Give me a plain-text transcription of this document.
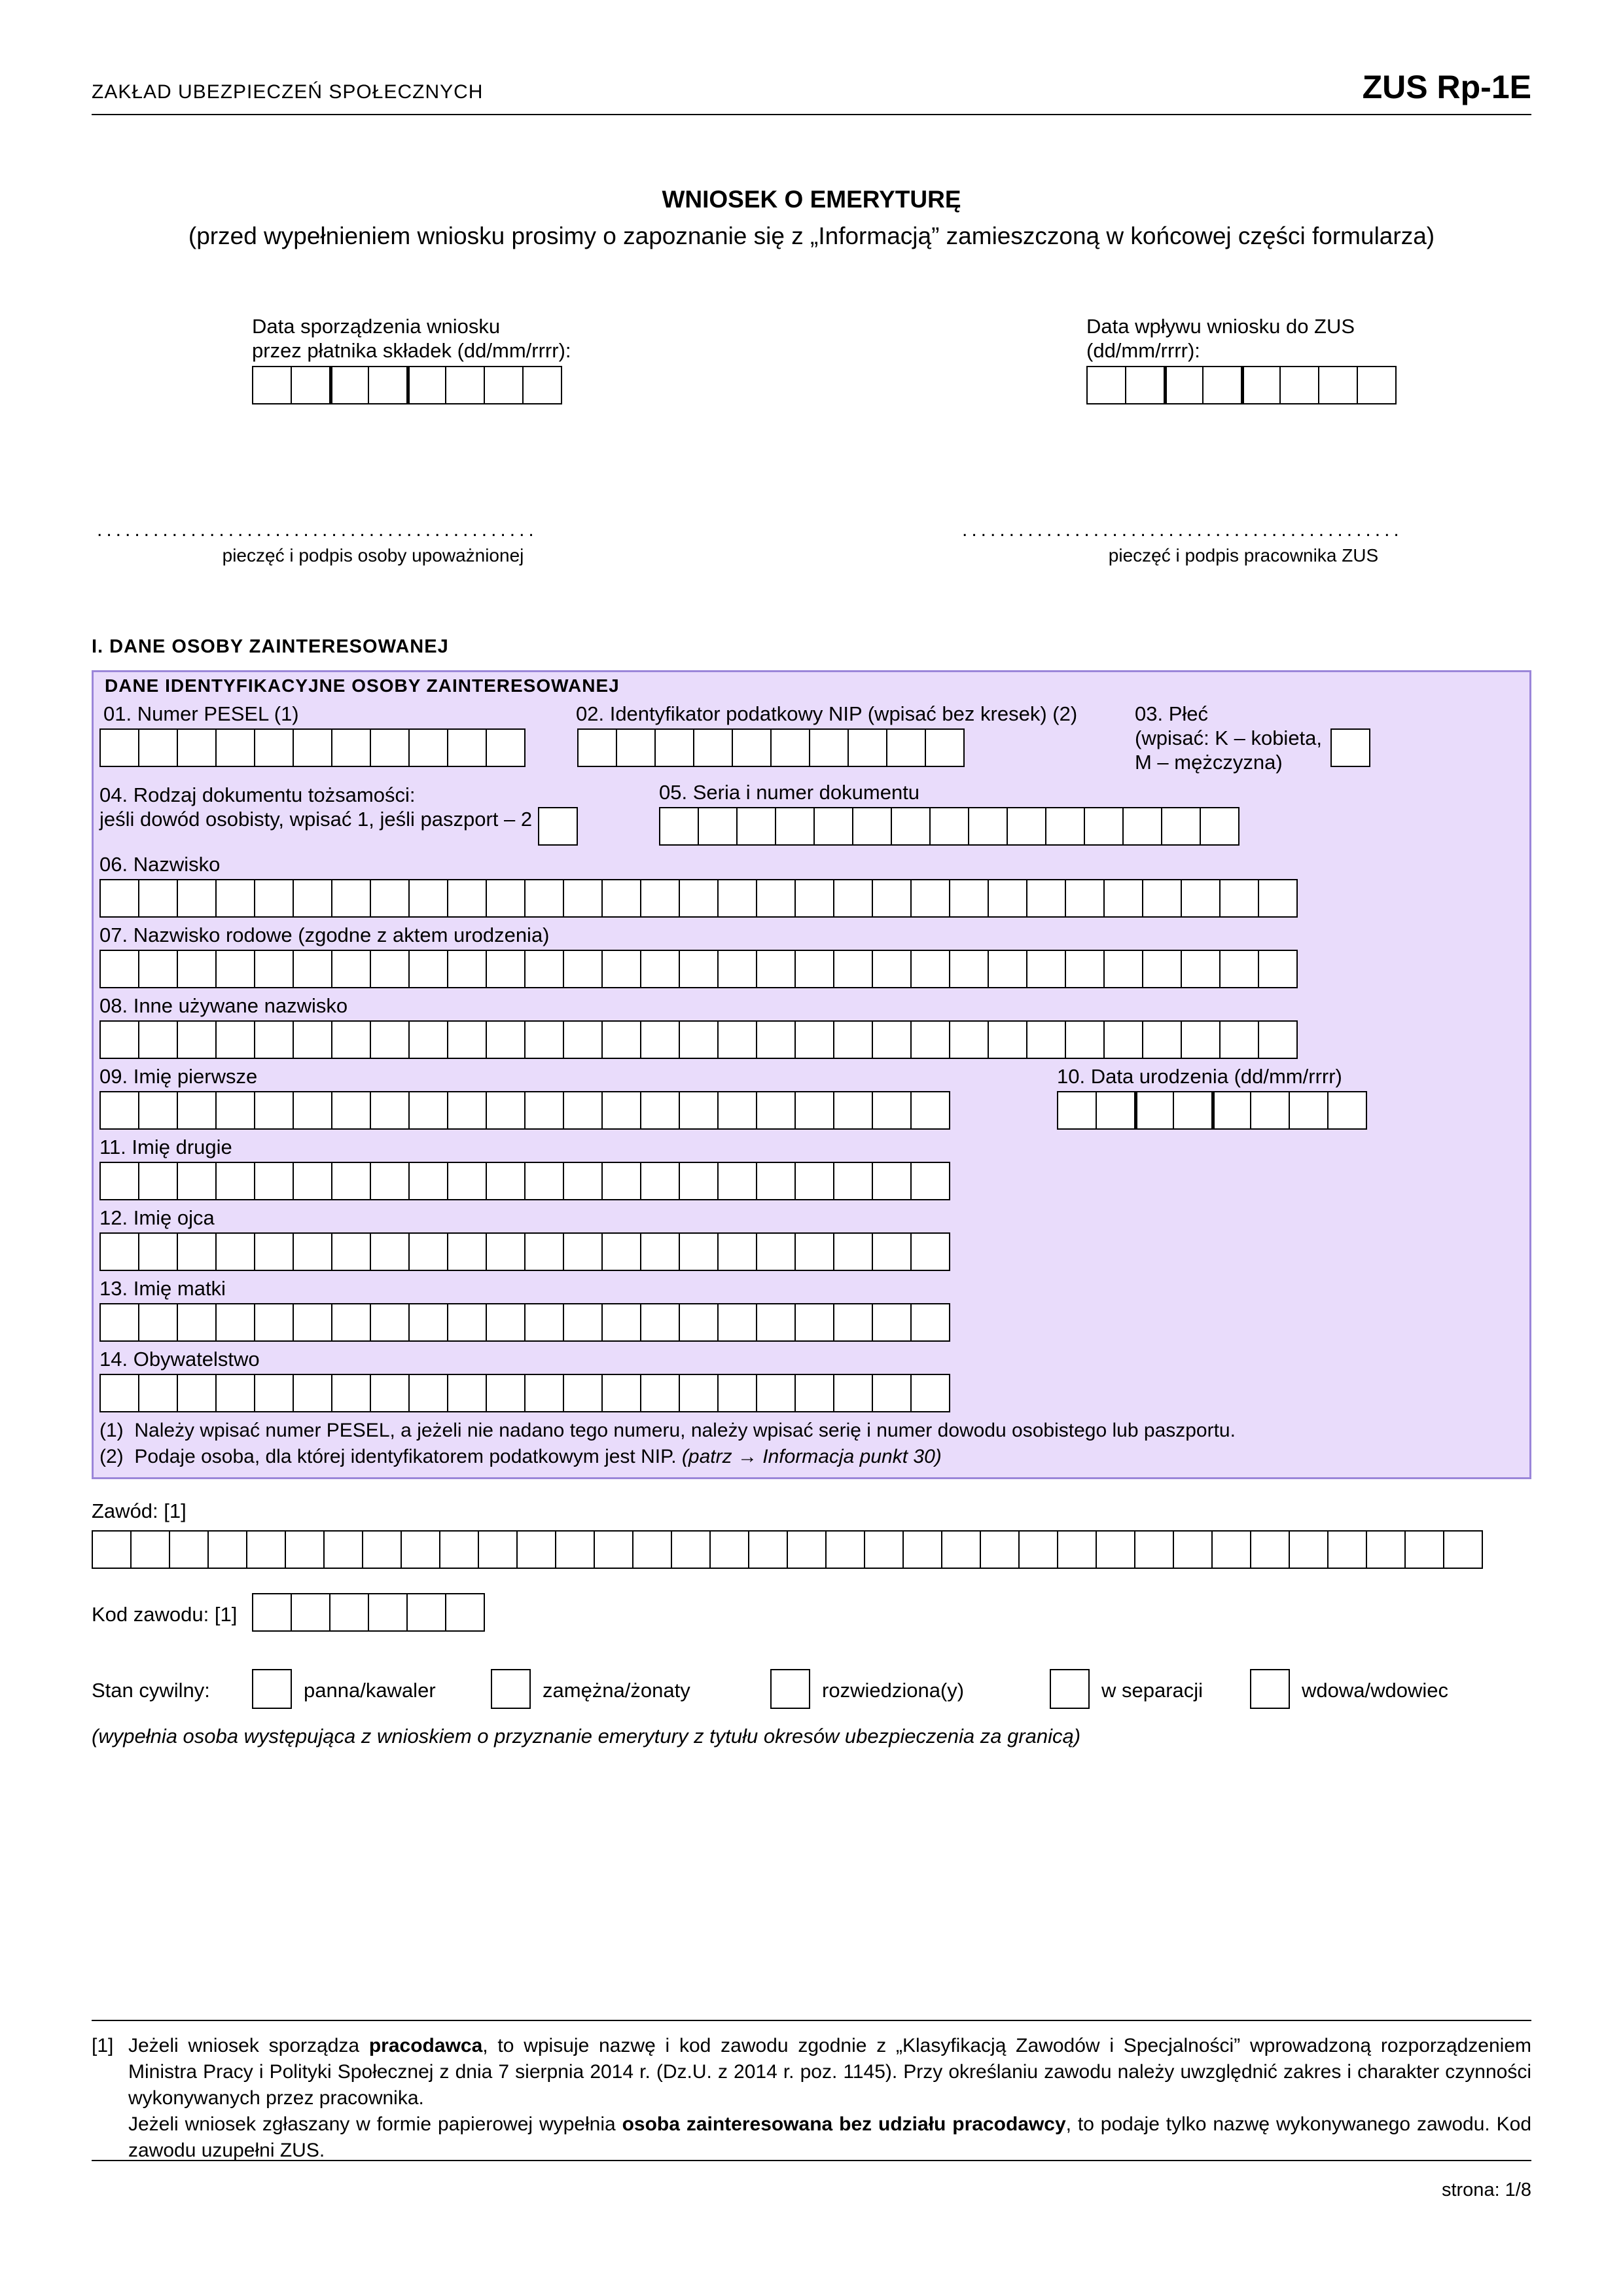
ZAKŁAD UBEZPIECZEŃ SPOŁECZNYCH	ZUS Rp-1E
WNIOSEK O EMERYTURĘ
(przed wypełnieniem wniosku prosimy o zapoznanie się z „Informacją” zamieszczoną w końcowej części formularza)
Data sporządzenia wniosku
przez płatnika składek (dd/mm/rrrr):
Data wpływu wniosku do ZUS
(dd/mm/rrrr):
...............................................
pieczęć i podpis osoby upoważnionej
...............................................
pieczęć i podpis pracownika ZUS
I. DANE OSOBY ZAINTERESOWANEJ
DANE IDENTYFIKACYJNE OSOBY ZAINTERESOWANEJ
01. Numer PESEL (1)	02. Identyfikator podatkowy NIP (wpisać bez kresek) (2)	03. Płeć
(wpisać: K – kobieta,
M – mężczyzna)
04. Rodzaj dokumentu tożsamości:
jeśli dowód osobisty, wpisać 1, jeśli paszport – 2
05. Seria i numer dokumentu
06. Nazwisko
07. Nazwisko rodowe (zgodne z aktem urodzenia)
08. Inne używane nazwisko
09. Imię pierwsze	10. Data urodzenia (dd/mm/rrrr)
11. Imię drugie
12. Imię ojca
13. Imię matki
14. Obywatelstwo
(1) Należy wpisać numer PESEL, a jeżeli nie nadano tego numeru, należy wpisać serię i numer dowodu osobistego lub paszportu.
(2) Podaje osoba, dla której identyfikatorem podatkowym jest NIP. (patrz → Informacja punkt 30)
Zawód: [1]
Kod zawodu: [1]
Stan cywilny:	panna/kawaler	zamężna/żonaty	rozwiedziona(y)	w separacji	wdowa/wdowiec
(wypełnia osoba występująca z wnioskiem o przyznanie emerytury z tytułu okresów ubezpieczenia za granicą)
[1] Jeżeli wniosek sporządza pracodawca, to wpisuje nazwę i kod zawodu zgodnie z „Klasyfikacją Zawodów i Specjalności” wprowadzoną rozporządzeniem Ministra Pracy i Polityki Społecznej z dnia 7 sierpnia 2014 r. (Dz.U. z 2014 r. poz. 1145). Przy określaniu zawodu należy uwzględnić zakres i charakter czynności wykonywanych przez pracownika.
Jeżeli wniosek zgłaszany w formie papierowej wypełnia osoba zainteresowana bez udziału pracodawcy, to podaje tylko nazwę wykonywanego zawodu. Kod zawodu uzupełni ZUS.
strona: 1/8
